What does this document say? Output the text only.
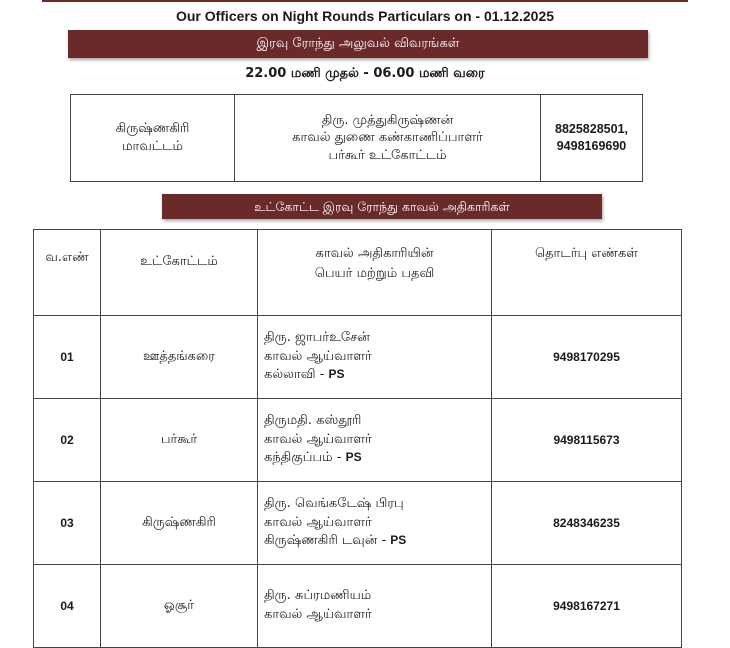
Our Officers on Night Rounds Particulars on - 01.12.2025
இரவு ரோந்து அலுவல் விவரங்கள்
22.00 மணி முதல் - 06.00 மணி வரை
கிருஷ்ணகிரி
மாவட்டம்

திரு. முத்துகிருஷ்ணன்
காவல் துணை கண்காணிப்பாளர்
பர்கூர் உட்கோட்டம்

8825828501,
9498169690
உட்கோட்ட இரவு ரோந்து காவல் அதிகாரிகள்
வ.எண்	உட்கோட்டம்	காவல் அதிகாரியின்
பெயர் மற்றும் பதவி	தொடர்பு எண்கள்
01	ஊத்தங்கரை	திரு. ஜாபர்உசேன்
காவல் ஆய்வாளர்
கல்லாவி - PS	9498170295
02	பர்கூர்	திருமதி. கஸ்தூரி
காவல் ஆய்வாளர்
கந்திகுப்பம் - PS	9498115673
03	கிருஷ்ணகிரி	திரு. வெங்கடேஷ் பிரபு
காவல் ஆய்வாளர்
கிருஷ்ணகிரி டவுன் - PS	8248346235
04	ஓசூர்	திரு. சுப்ரமணியம்
காவல் ஆய்வாளர்	9498167271
